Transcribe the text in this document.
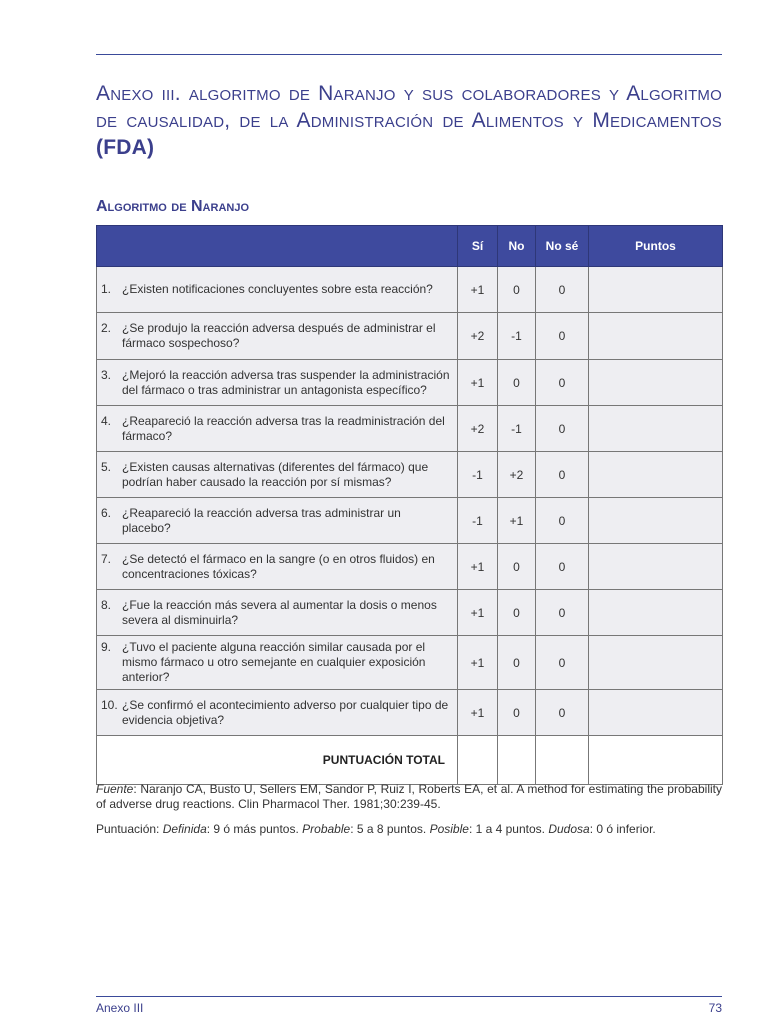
Anexo iii. algoritmo de Naranjo y sus colaboradores y Algoritmo de causalidad, de la Administración de Alimentos y Medicamentos (FDA)
Algoritmo de Naranjo
	Sí	No	No sé	Puntos
1. ¿Existen notificaciones concluyentes sobre esta reacción?	+1	0	0	
2. ¿Se produjo la reacción adversa después de administrar el fármaco sospechoso?	+2	-1	0	
3. ¿Mejoró la reacción adversa tras suspender la administración del fármaco o tras administrar un antagonista específico?	+1	0	0	
4. ¿Reapareció la reacción adversa tras la readministración del fármaco?	+2	-1	0	
5. ¿Existen causas alternativas (diferentes del fármaco) que podrían haber causado la reacción por sí mismas?	-1	+2	0	
6. ¿Reapareció la reacción adversa tras administrar un placebo?	-1	+1	0	
7. ¿Se detectó el fármaco en la sangre (o en otros fluidos) en concentraciones tóxicas?	+1	0	0	
8. ¿Fue la reacción más severa al aumentar la dosis o menos severa al disminuirla?	+1	0	0	
9. ¿Tuvo el paciente alguna reacción similar causada por el mismo fármaco u otro semejante en cualquier exposición anterior?	+1	0	0	
10. ¿Se confirmó el acontecimiento adverso por cualquier tipo de evidencia objetiva?	+1	0	0	
PUNTUACIÓN TOTAL				

Fuente: Naranjo CA, Busto U, Sellers EM, Sandor P, Ruiz I, Roberts EA, et al. A method for estimating the probability of adverse drug reactions. Clin Pharmacol Ther. 1981;30:239-45.

Puntuación: Definida: 9 ó más puntos. Probable: 5 a 8 puntos. Posible: 1 a 4 puntos. Dudosa: 0 ó inferior.

Anexo III	73
